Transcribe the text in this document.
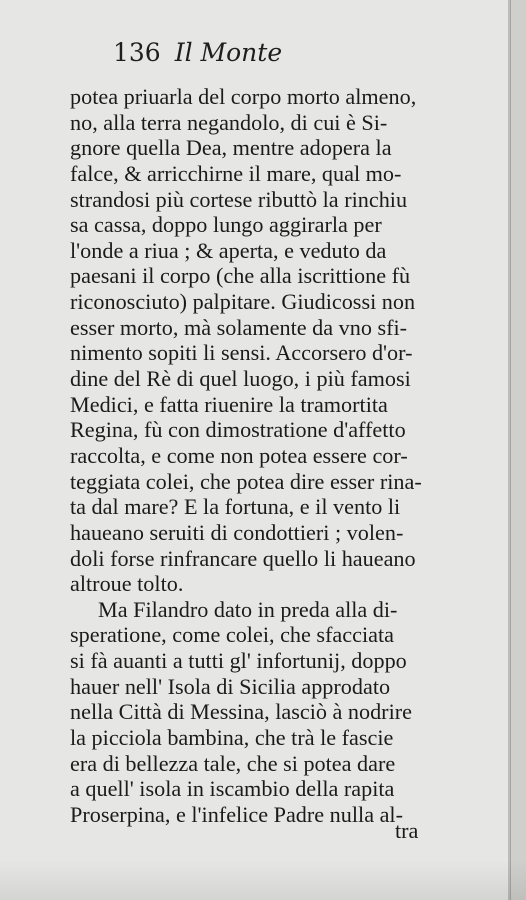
136 Il Monte
potea priuarla del corpo morto almeno,
no, alla terra negandolo, di cui è Si-
gnore quella Dea, mentre adopera la
falce, & arricchirne il mare, qual mo-
strandosi più cortese ributtò la rinchiu
sa cassa, doppo lungo aggirarla per
l'onde a riua ; & aperta, e veduto da
paesani il corpo (che alla iscrittione fù
riconosciuto) palpitare. Giudicossi non
esser morto, mà solamente da vno sfi-
nimento sopiti li sensi. Accorsero d'or-
dine del Rè di quel luogo, i più famosi
Medici, e fatta riuenire la tramortita
Regina, fù con dimostratione d'affetto
raccolta, e come non potea essere cor-
teggiata colei, che potea dire esser rina-
ta dal mare? E la fortuna, e il vento li
haueano seruiti di condottieri ; volen-
doli forse rinfrancare quello li haueano
altroue tolto.
Ma Filandro dato in preda alla di-
speratione, come colei, che sfacciata
si fà auanti a tutti gl' infortunij, doppo
hauer nell' Isola di Sicilia approdato
nella Città di Messina, lasciò à nodrire
la picciola bambina, che trà le fascie
era di bellezza tale, che si potea dare
a quell' isola in iscambio della rapita
Proserpina, e l'infelice Padre nulla al-
tra
